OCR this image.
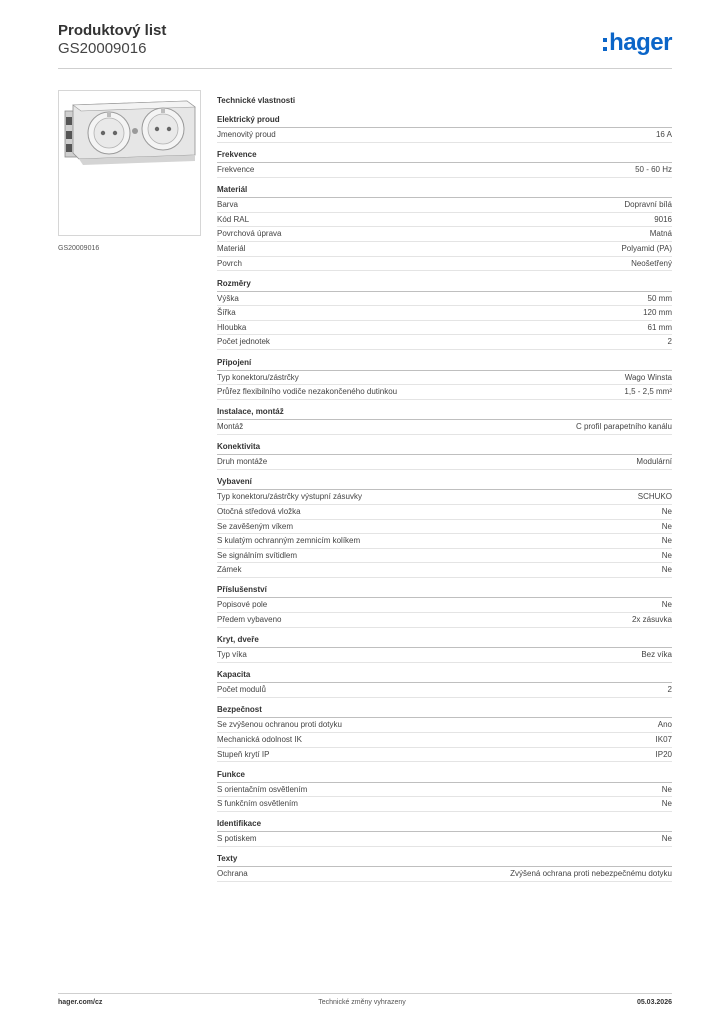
Produktový list
GS20009016	hager
GS20009016
Technické vlastnosti
Elektrický proud
Jmenovitý proud	16 A
Frekvence
Frekvence	50 - 60 Hz
Materiál
Barva	Dopravní bílá
Kód RAL	9016
Povrchová úprava	Matná
Materiál	Polyamid (PA)
Povrch	Neošetřený
Rozměry
Výška	50 mm
Šířka	120 mm
Hloubka	61 mm
Počet jednotek	2
Připojení
Typ konektoru/zástrčky	Wago Winsta
Průřez flexibilního vodiče nezakončeného dutinkou	1,5 - 2,5 mm²
Instalace, montáž
Montáž	C profil parapetního kanálu
Konektivita
Druh montáže	Modulární
Vybavení
Typ konektoru/zástrčky výstupní zásuvky	SCHUKO
Otočná středová vložka	Ne
Se zavěšeným víkem	Ne
S kulatým ochranným zemnicím kolíkem	Ne
Se signálním svítidlem	Ne
Zámek	Ne
Příslušenství
Popisové pole	Ne
Předem vybaveno	2x zásuvka
Kryt, dveře
Typ víka	Bez víka
Kapacita
Počet modulů	2
Bezpečnost
Se zvýšenou ochranou proti dotyku	Ano
Mechanická odolnost IK	IK07
Stupeň krytí IP	IP20
Funkce
S orientačním osvětlením	Ne
S funkčním osvětlením	Ne
Identifikace
S potiskem	Ne
Texty
Ochrana	Zvýšená ochrana proti nebezpečnému dotyku
hager.com/cz	Technické změny vyhrazeny	05.03.2026
